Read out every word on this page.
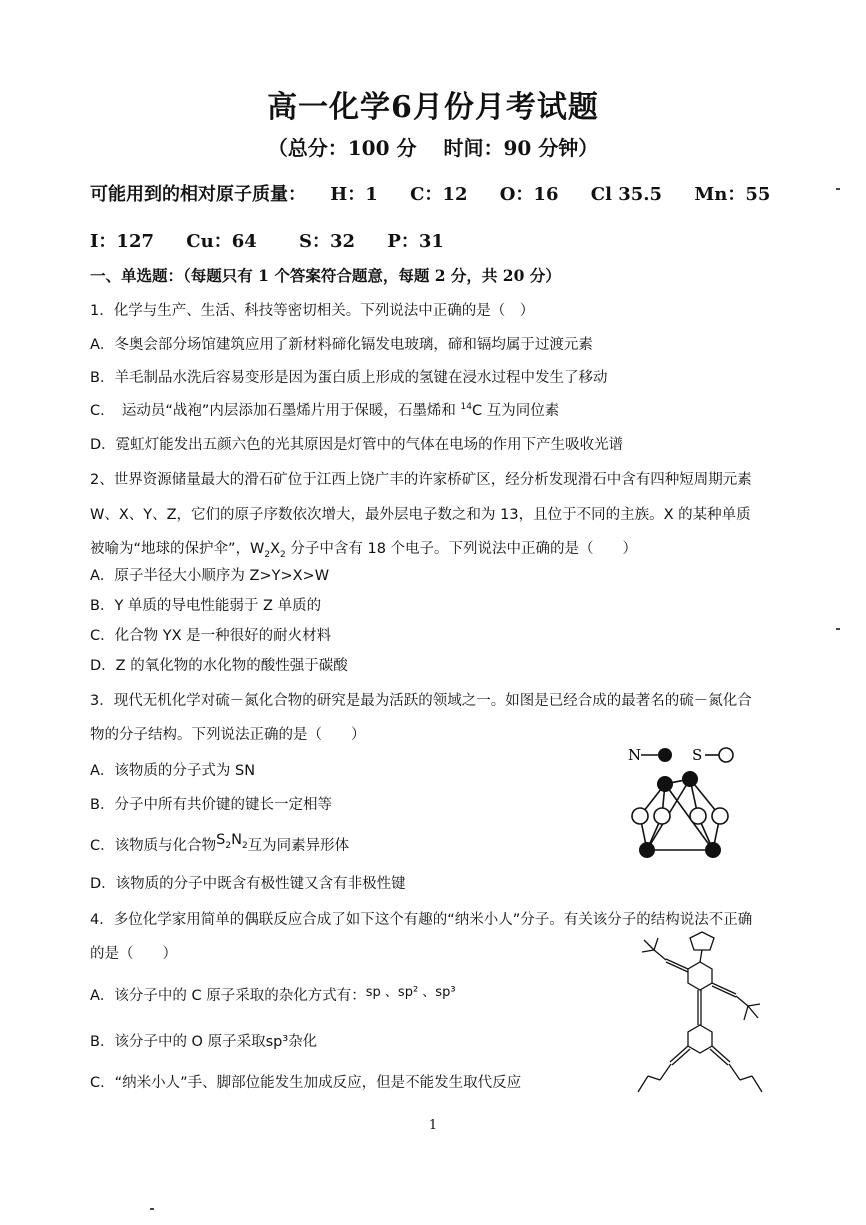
高一化学6月份月考试题
（总分：100 分　 时间：90 分钟）
可能用到的相对原子质量： H：1 C：12 O：16 Cl 35.5 Mn：55
I：127 Cu：64 S：32 P：31
一、单选题：（每题只有 1 个答案符合题意，每题 2 分，共 20 分）
1．化学与生产、生活、科技等密切相关。下列说法中正确的是（　）
A．冬奥会部分场馆建筑应用了新材料碲化镉发电玻璃，碲和镉均属于过渡元素
B．羊毛制品水洗后容易变形是因为蛋白质上形成的氢键在浸水过程中发生了移动
C．　运动员“战袍”内层添加石墨烯片用于保暖，石墨烯和 $^{14}$C 互为同位素
D．霓虹灯能发出五颜六色的光其原因是灯管中的气体在电场的作用下产生吸收光谱
2、世界资源储量最大的滑石矿位于江西上饶广丰的许家桥矿区，经分析发现滑石中含有四种短周期元素
W、X、Y、Z，它们的原子序数依次增大，最外层电子数之和为 13，且位于不同的主族。X 的某种单质
被喻为“地球的保护伞”，$W_2X_2$ 分子中含有 18 个电子。下列说法中正确的是（　　）
A．原子半径大小顺序为 Z>Y>X>W
B．Y 单质的导电性能弱于 Z 单质的
C．化合物 YX 是一种很好的耐火材料
D．Z 的氧化物的水化物的酸性强于碳酸
3．现代无机化学对硫－氮化合物的研究是最为活跃的领域之一。如图是已经合成的最著名的硫－氮化合
物的分子结构。下列说法正确的是（　　）
A．该物质的分子式为 SN
B．分子中所有共价键的键长一定相等
C．该物质与化合物$S_2N_2$互为同素异形体
D．该物质的分子中既含有极性键又含有非极性键
N	S
4．多位化学家用简单的偶联反应合成了如下这个有趣的“纳米小人”分子。有关该分子的结构说法不正确
的是（　　）
A．该分子中的 C 原子采取的杂化方式有：sp 、sp² 、sp³
B．该分子中的 O 原子采取sp³杂化
C．“纳米小人”手、脚部位能发生加成反应，但是不能发生取代反应
1
